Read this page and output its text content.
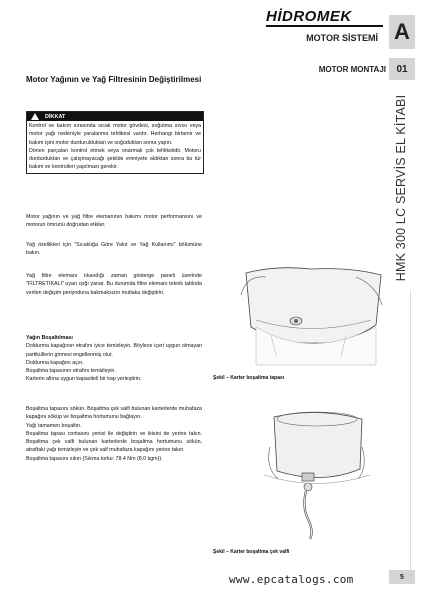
HİDROMEK
MOTOR SİSTEMİ A
MOTOR MONTAJI 01
HMK 300 LC SERVİS EL KİTABI
Motor Yağının ve Yağ Filtresinin Değiştirilmesi
DİKKAT

Kontrol ve bakım sırasında sıcak motor gövdesi, soğutma sıvısı veya motor yağı nedeniyle yaralanma tehlikesi vardır. Herhangi birtamir ve bakım işini motor durdurulduktan ve soğuduktan sonra yapın.

Dönen parçaları kontrol etmek veya onarmak çok tehlikelidir. Motoru durdurduktan ve çalışmayacağı şekilde emniyete aldıktan sonra bu tür bakım ve kontrolleri yapılması gerekir.

Motor yağının ve yağ filtre elemanının bakımı motor performansını ve motorun ömrünü doğrudan etkiler.

Yağ özellikleri için "Sıcaklığa Göre Yakıt ve Yağ Kullanımı" bölümüne bakın.

Yağ filtre elemanı tıkandığı zaman gösterge paneli üzerinde "FİLTRETIKALI" uyarı ışığı yanar. Bu durumda filtre elemanı teknik tabloda verilen değişim periyoduna bakmaksızın mutlaka değiştirin.

Yağın Boşaltılması

Doldurma kapağının etrafını iyice temizleyin. Böylece içeri uygun olmayan partiküllerin girmesi engellenmiş olur.

Doldurma kapağını açın.

Boşaltma tapasının etrafını temizleyin.

Karterin altına uygun kapasiteli bir kap yerleştirin.

Boşaltma tapasını sökün. Boşaltma çek valfi bulunan karterlerde muhafaza kapağını söküp ve boşaltma hortumunu bağlayın.

Yağı tamamen boşaltın.

Boşaltma tapası contasını yenisi ile değiştirin ve ikisini de yerine takın. Boşaltma çek valfi bulunan karterlerde boşaltma hortumunu sökün, atraftaki yağı temizleyin ve çek valf muhafaza kapağını yerine takın.

Boşaltma tapasını sıkın (Sıkma torku: 78.4 Nm (8.0 kgm)).

Şekil – Karter boşaltma tapası
Şekil – Karter boşaltma çek valfi
www.epcatalogs.com	5
